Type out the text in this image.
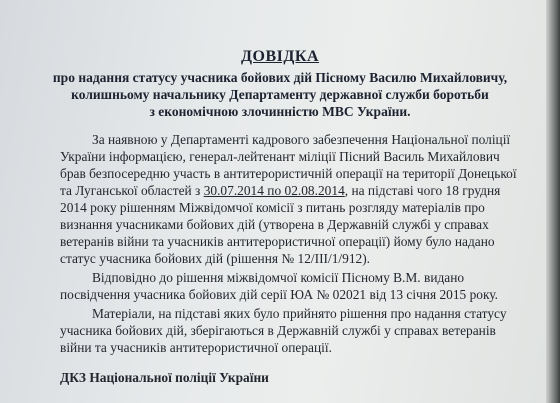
ДОВІДКА
про надання статусу учасника бойових дій Пісному Василю Михайловичу,
колишньому начальнику Департаменту державної служби боротьби
з економічною злочинністю МВС України.
За наявною у Департаменті кадрового забезпечення Національної поліції
України інформацією, генерал-лейтенант міліції Пісний Василь Михайлович
брав безпосередню участь в антитерористичній операції на території Донецької
та Луганської областей з 30.07.2014 по 02.08.2014, на підставі чого 18 грудня
2014 року рішенням Міжвідомчої комісії з питань розгляду матеріалів про
визнання учасниками бойових дій (утворена в Державній службі у справах
ветеранів війни та учасників антитерористичної операції) йому було надано
статус учасника бойових дій (рішення № 12/ІІІ/1/912).
Відповідно до рішення міжвідомчої комісії Пісному В.М. видано
посвідчення учасника бойових дій серії ЮА № 02021 від 13 січня 2015 року.
Матеріали, на підставі яких було прийнято рішення про надання статусу
учасника бойових дій, зберігаються в Державній службі у справах ветеранів
війни та учасників антитерористичної операції.
ДКЗ Національної поліції України
